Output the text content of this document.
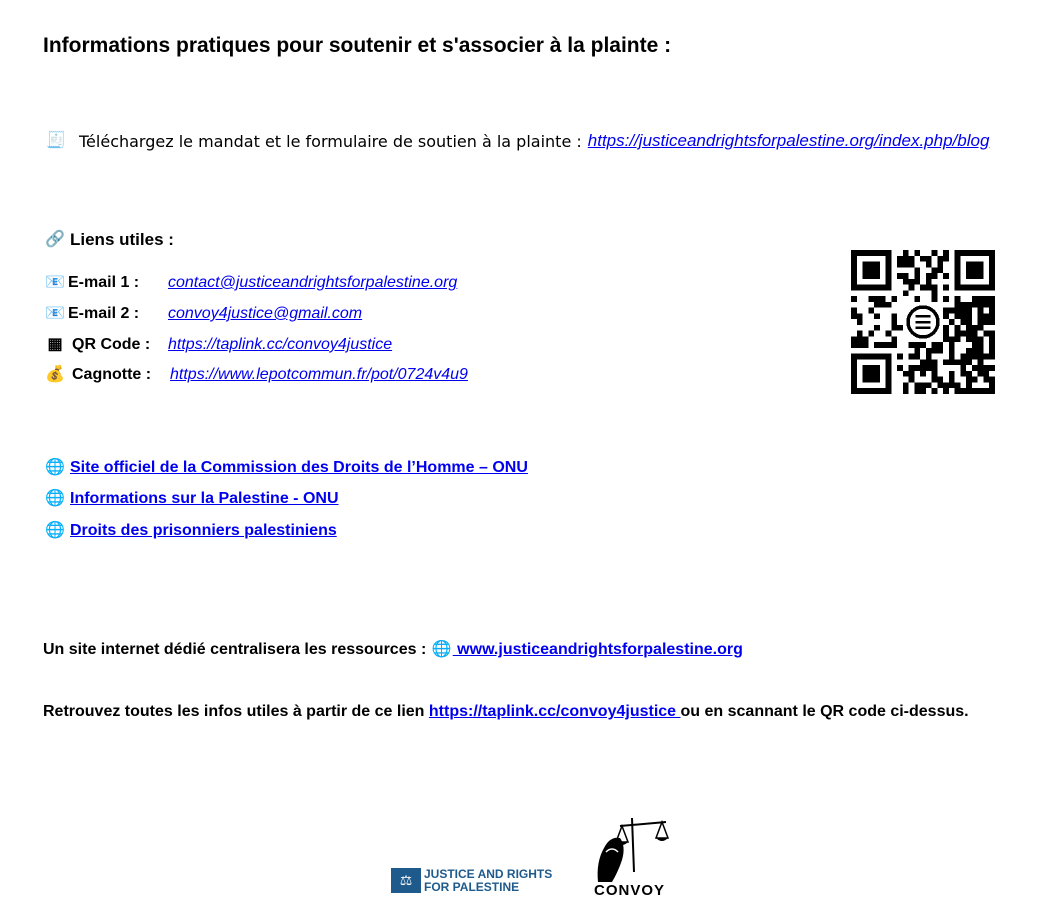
Informations pratiques pour soutenir et s'associer à la plainte :
🧾 Téléchargez le mandat et le formulaire de soutien à la plainte : https://justiceandrightsforpalestine.org/index.php/blog
🔗 Liens utiles :
📧 E-mail 1 :	contact@justiceandrightsforpalestine.org
📧 E-mail 2 :	convoy4justice@gmail.com
▦ QR Code :	https://taplink.cc/convoy4justice
💰 Cagnotte :	https://www.lepotcommun.fr/pot/0724v4u9
🌐 Site officiel de la Commission des Droits de l’Homme – ONU
🌐 Informations sur la Palestine - ONU
🌐 Droits des prisonniers palestiniens
Un site internet dédié centralisera les ressources : 🌐 www.justiceandrightsforpalestine.org
Retrouvez toutes les infos utiles à partir de ce lien https://taplink.cc/convoy4justice ou en scannant le QR code ci-dessus.
⚖ JUSTICE AND RIGHTS
FOR PALESTINE	CONVOY
